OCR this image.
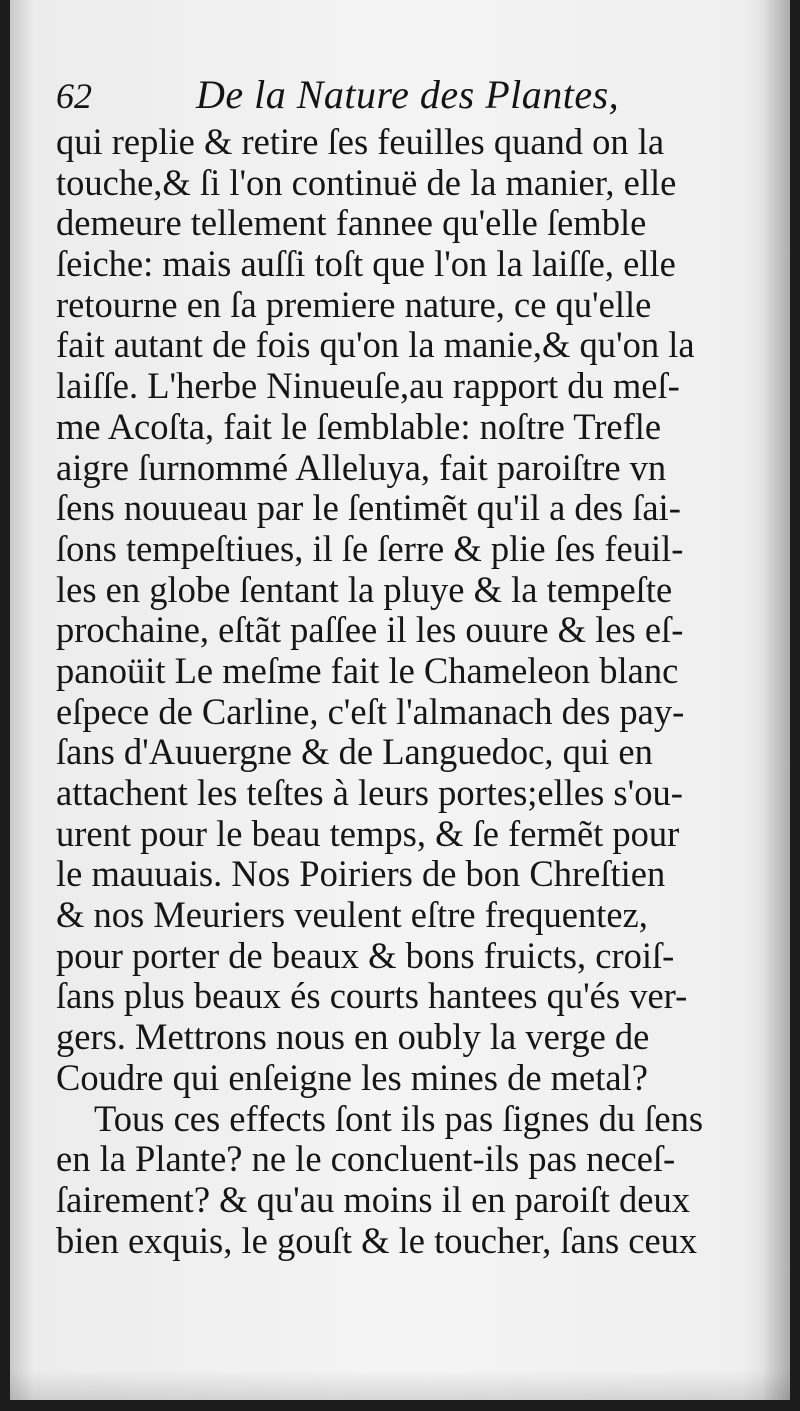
62	De la Nature des Plantes,
qui replie & retire ſes feuilles quand on la
touche,& ſi l'on continuë de la manier, elle
demeure tellement fannee qu'elle ſemble
ſeiche: mais auſſi toſt que l'on la laiſſe, elle
retourne en ſa premiere nature, ce qu'elle
fait autant de fois qu'on la manie,& qu'on la
laiſſe. L'herbe Ninueuſe,au rapport du meſ-
me Acoſta, fait le ſemblable: noſtre Trefle
aigre ſurnommé Alleluya, fait paroiſtre vn
ſens nouueau par le ſentimẽt qu'il a des ſai-
ſons tempeſtiues, il ſe ſerre & plie ſes feuil-
les en globe ſentant la pluye & la tempeſte
prochaine, eſtãt paſſee il les ouure & les eſ-
panoüit Le meſme fait le Chameleon blanc
eſpece de Carline, c'eſt l'almanach des pay-
ſans d'Auuergne & de Languedoc, qui en
attachent les teſtes à leurs portes;elles s'ou-
urent pour le beau temps, & ſe fermẽt pour
le mauuais. Nos Poiriers de bon Chreſtien
& nos Meuriers veulent eſtre frequentez,
pour porter de beaux & bons fruicts, croiſ-
ſans plus beaux és courts hantees qu'és ver-
gers. Mettrons nous en oubly la verge de
Coudre qui enſeigne les mines de metal?
Tous ces effects ſont ils pas ſignes du ſens
en la Plante? ne le concluent-ils pas neceſ-
ſairement? & qu'au moins il en paroiſt deux
bien exquis, le gouſt & le toucher, ſans ceux
